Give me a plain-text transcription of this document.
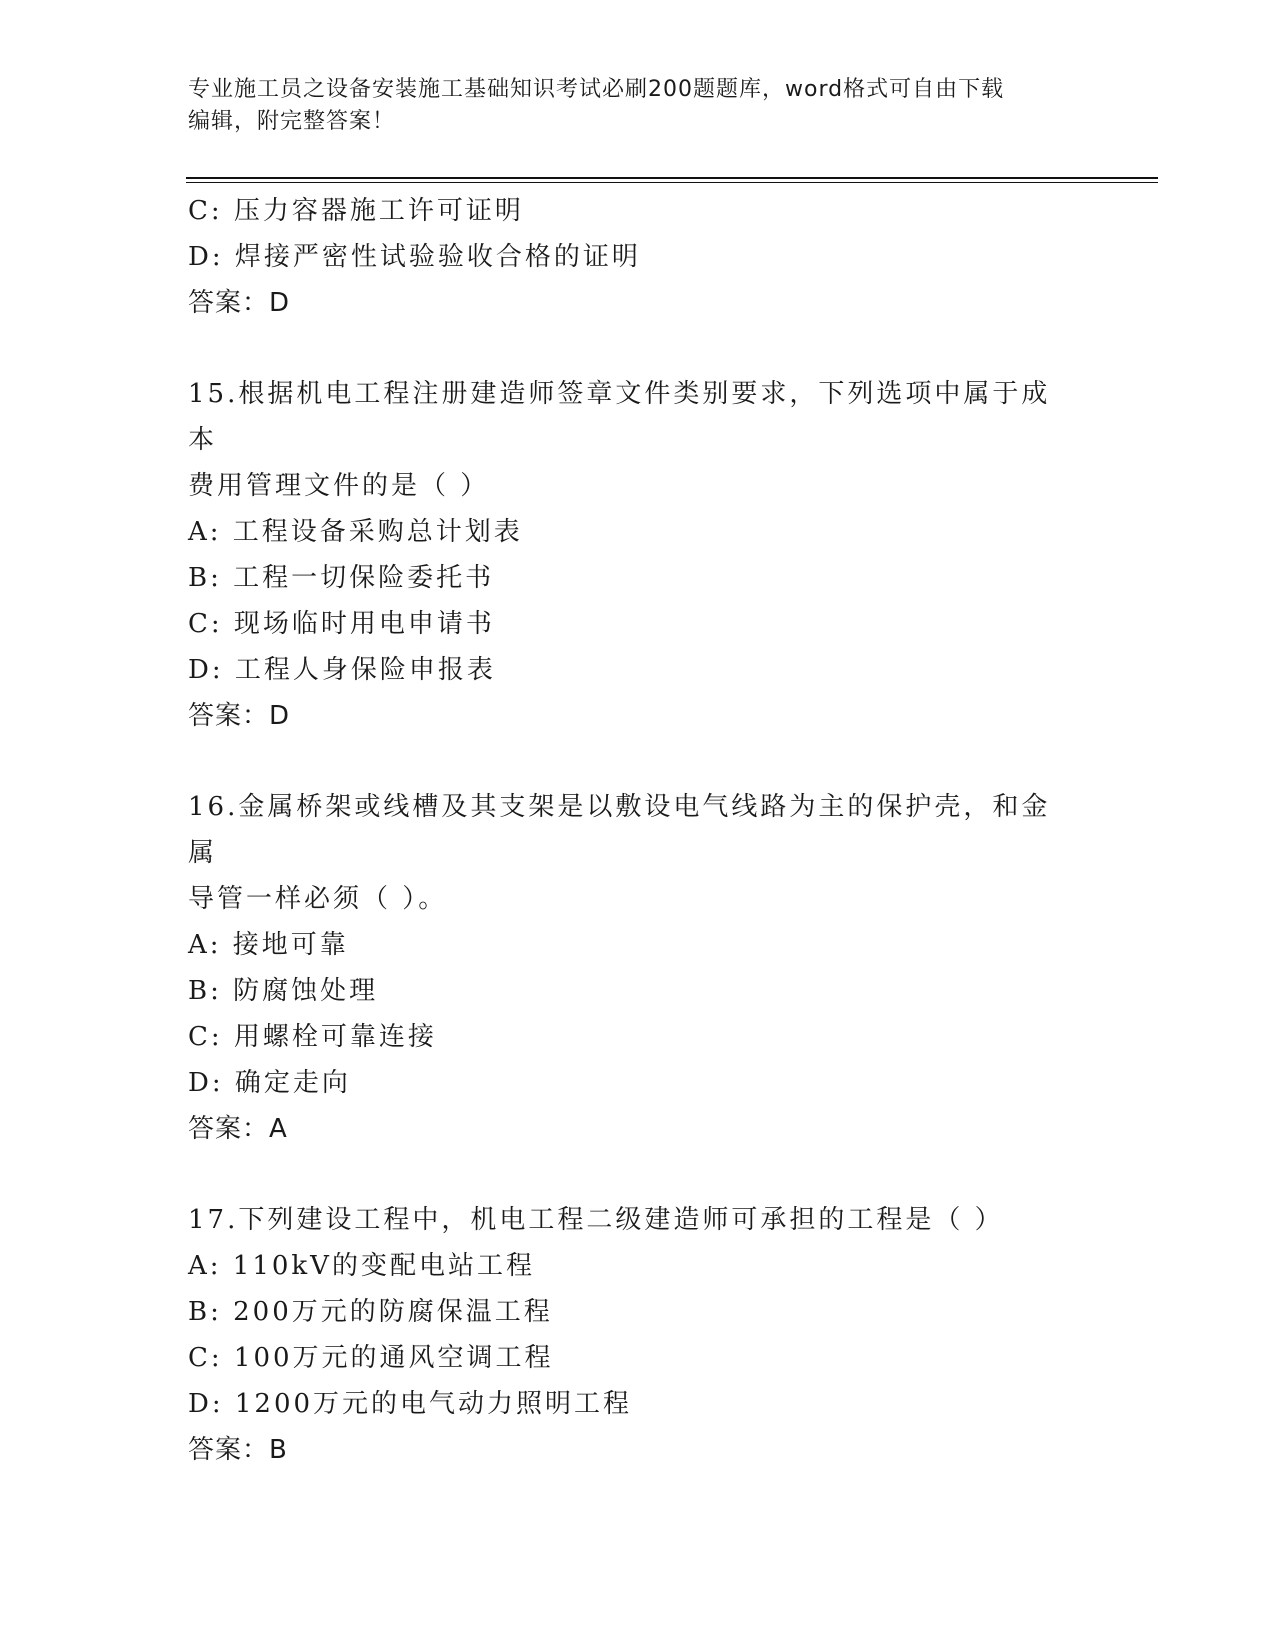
专业施工员之设备安装施工基础知识考试必刷200题题库，word格式可自由下载
编辑，附完整答案！
C: 压力容器施工许可证明
D: 焊接严密性试验验收合格的证明
答案：D
15.根据机电工程注册建造师签章文件类别要求，下列选项中属于成本
费用管理文件的是（ ）
A: 工程设备采购总计划表
B: 工程一切保险委托书
C: 现场临时用电申请书
D: 工程人身保险申报表
答案：D
16.金属桥架或线槽及其支架是以敷设电气线路为主的保护壳，和金属
导管一样必须（ ）。
A: 接地可靠
B: 防腐蚀处理
C: 用螺栓可靠连接
D: 确定走向
答案：A
17.下列建设工程中，机电工程二级建造师可承担的工程是（ ）
A: 110kV的变配电站工程
B: 200万元的防腐保温工程
C: 100万元的通风空调工程
D: 1200万元的电气动力照明工程
答案：B
